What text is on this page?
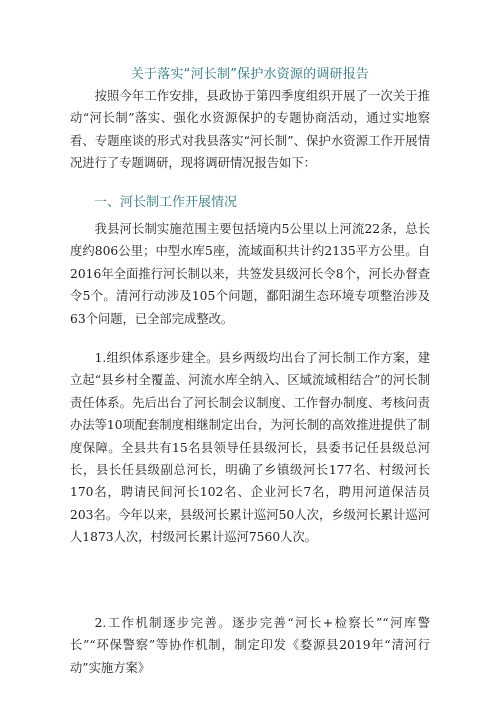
关于落实“河长制”保护水资源的调研报告

按照今年工作安排，县政协于第四季度组织开展了一次关于推动“河长制”落实、强化水资源保护的专题协商活动，通过实地察看、专题座谈的形式对我县落实“河长制”、保护水资源工作开展情况进行了专题调研，现将调研情况报告如下：

一、河长制工作开展情况

我县河长制实施范围主要包括境内5公里以上河流22条，总长度约806公里；中型水库5座，流域面积共计约2135平方公里。自2016年全面推行河长制以来，共签发县级河长令8个，河长办督查令5个。清河行动涉及105个问题，鄱阳湖生态环境专项整治涉及63个问题，已全部完成整改。

1.组织体系逐步建全。县乡两级均出台了河长制工作方案，建立起“县乡村全覆盖、河流水库全纳入、区域流域相结合”的河长制责任体系。先后出台了河长制会议制度、工作督办制度、考核问责办法等10项配套制度相继制定出台，为河长制的高效推进提供了制度保障。全县共有15名县领导任县级河长，县委书记任县级总河长，县长任县级副总河长，明确了乡镇级河长177名、村级河长170名，聘请民间河长102名、企业河长7名，聘用河道保洁员203名。今年以来，县级河长累计巡河50人次，乡级河长累计巡河人1873人次，村级河长累计巡河7560人次。

2.工作机制逐步完善。逐步完善“河长+检察长”“河库警长”“环保警察”等协作机制，制定印发《婺源县2019年“清河行动”实施方案》
